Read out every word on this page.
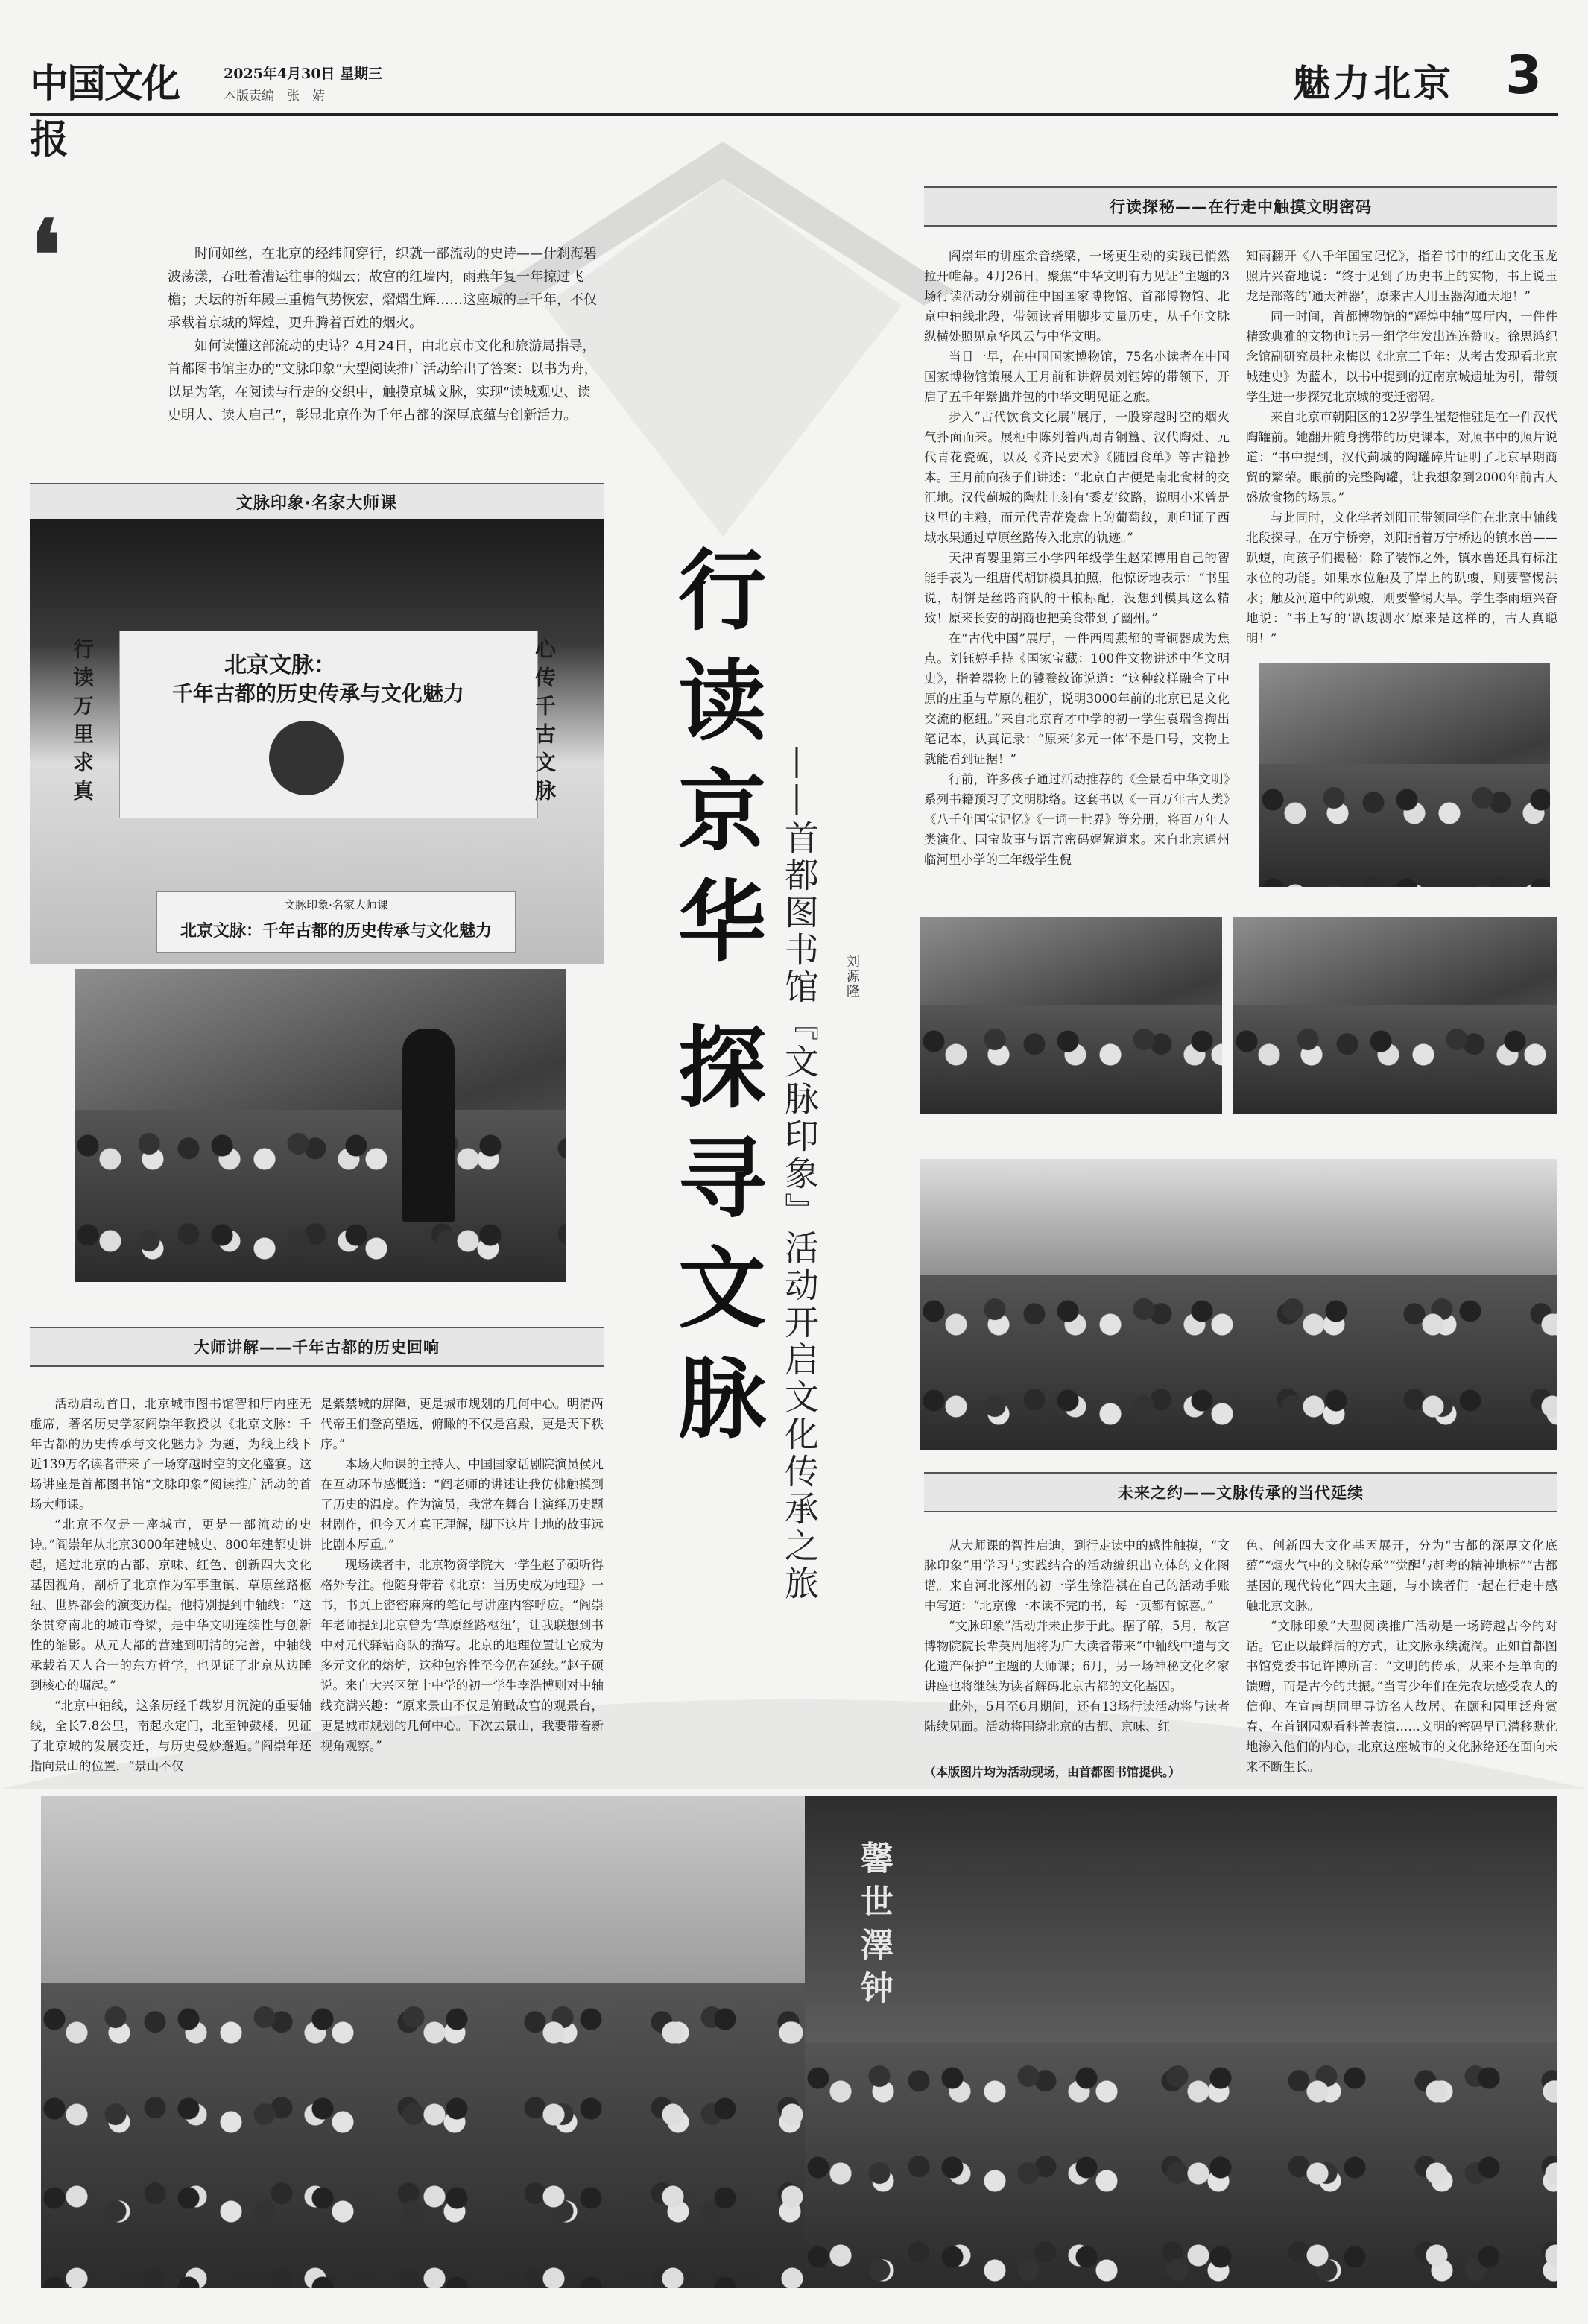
中国文化报
2025年4月30日 星期三
本版责编　张　婧	魅力北京 3
❛	时间如丝，在北京的经纬间穿行，织就一部流动的史诗——什刹海碧波荡漾，吞吐着漕运往事的烟云；故宫的红墙内，雨燕年复一年掠过飞檐；天坛的祈年殿三重檐气势恢宏，熠熠生辉……这座城的三千年，不仅承载着京城的辉煌，更升腾着百姓的烟火。

如何读懂这部流动的史诗？4月24日，由北京市文化和旅游局指导，首都图书馆主办的“文脉印象”大型阅读推广活动给出了答案：以书为舟，以足为笔，在阅读与行走的交织中，触摸京城文脉，实现“读城观史、读史明人、读人启己”，彰显北京作为千年古都的深厚底蕴与创新活力。

文脉印象·名家大师课
北京文脉：
千年古都的历史传承与文化魅力
行读万里求真	心传千古文脉
文脉印象·名家大师课
北京文脉：千年古都的历史传承与文化魅力
大师讲解——千年古都的历史回响

活动启动首日，北京城市图书馆智和厅内座无虚席，著名历史学家阎崇年教授以《北京文脉：千年古都的历史传承与文化魅力》为题，为线上线下近139万名读者带来了一场穿越时空的文化盛宴。这场讲座是首都图书馆“文脉印象”阅读推广活动的首场大师课。

“北京不仅是一座城市，更是一部流动的史诗。”阎崇年从北京3000年建城史、800年建都史讲起，通过北京的古都、京味、红色、创新四大文化基因视角，剖析了北京作为军事重镇、草原丝路枢纽、世界都会的演变历程。他特别提到中轴线：“这条贯穿南北的城市脊梁，是中华文明连续性与创新性的缩影。从元大都的营建到明清的完善，中轴线承载着天人合一的东方哲学，也见证了北京从边陲到核心的崛起。”

“北京中轴线，这条历经千载岁月沉淀的重要轴线，全长7.8公里，南起永定门，北至钟鼓楼，见证了北京城的发展变迁，与历史曼妙邂逅。”阎崇年还指向景山的位置，“景山不仅

是紫禁城的屏障，更是城市规划的几何中心。明清两代帝王们登高望远，俯瞰的不仅是宫殿，更是天下秩序。”

本场大师课的主持人、中国国家话剧院演员侯凡在互动环节感慨道：“阎老师的讲述让我仿佛触摸到了历史的温度。作为演员，我常在舞台上演绎历史题材剧作，但今天才真正理解，脚下这片土地的故事远比剧本厚重。”

现场读者中，北京物资学院大一学生赵子硕听得格外专注。他随身带着《北京：当历史成为地理》一书，书页上密密麻麻的笔记与讲座内容呼应。“阎崇年老师提到北京曾为‘草原丝路枢纽’，让我联想到书中对元代驿站商队的描写。北京的地理位置让它成为多元文化的熔炉，这种包容性至今仍在延续。”赵子硕说。来自大兴区第十中学的初一学生李浩博则对中轴线充满兴趣：“原来景山不仅是俯瞰故宫的观景台，更是城市规划的几何中心。下次去景山，我要带着新视角观察。”

行读京华
探寻文脉 ——首都图书馆『文脉印象』活动开启文化传承之旅	刘源隆
行读探秘——在行走中触摸文明密码

阎崇年的讲座余音绕梁，一场更生动的实践已悄然拉开帷幕。4月26日，聚焦“中华文明有力见证”主题的3场行读活动分别前往中国国家博物馆、首都博物馆、北京中轴线北段，带领读者用脚步丈量历史，从千年文脉纵横处照见京华风云与中华文明。

当日一早，在中国国家博物馆，75名小读者在中国国家博物馆策展人王月前和讲解员刘钰婷的带领下，开启了五千年紫拙并包的中华文明见证之旅。

步入“古代饮食文化展”展厅，一股穿越时空的烟火气扑面而来。展柜中陈列着西周青铜簋、汉代陶灶、元代青花瓷碗，以及《齐民要术》《随园食单》等古籍抄本。王月前向孩子们讲述：“北京自古便是南北食材的交汇地。汉代蓟城的陶灶上刻有‘黍麦’纹路，说明小米曾是这里的主粮，而元代青花瓷盘上的葡萄纹，则印证了西域水果通过草原丝路传入北京的轨迹。”

天津育婴里第三小学四年级学生赵荣博用自己的智能手表为一组唐代胡饼模具拍照，他惊讶地表示：“书里说，胡饼是丝路商队的干粮标配，没想到模具这么精致！原来长安的胡商也把美食带到了幽州。”

在“古代中国”展厅，一件西周燕都的青铜器成为焦点。刘钰婷手持《国家宝藏：100件文物讲述中华文明史》，指着器物上的饕餮纹饰说道：“这种纹样融合了中原的庄重与草原的粗犷，说明3000年前的北京已是文化交流的枢纽。”来自北京育才中学的初一学生袁瑞含掏出笔记本，认真记录：“原来‘多元一体’不是口号，文物上就能看到证据！”

行前，许多孩子通过活动推荐的《全景看中华文明》系列书籍预习了文明脉络。这套书以《一百万年古人类》《八千年国宝记忆》《一词一世界》等分册，将百万年人类演化、国宝故事与语言密码娓娓道来。来自北京通州临河里小学的三年级学生倪

知雨翻开《八千年国宝记忆》，指着书中的红山文化玉龙照片兴奋地说：“终于见到了历史书上的实物，书上说玉龙是部落的‘通天神器’，原来古人用玉器沟通天地！”

同一时间，首都博物馆的“辉煌中轴”展厅内，一件件精致典雅的文物也让另一组学生发出连连赞叹。徐思鸿纪念馆副研究员杜永梅以《北京三千年：从考古发现看北京城建史》为蓝本，以书中提到的辽南京城遗址为引，带领学生进一步探究北京城的变迁密码。

来自北京市朝阳区的12岁学生崔楚惟驻足在一件汉代陶罐前。她翻开随身携带的历史课本，对照书中的照片说道：“书中提到，汉代蓟城的陶罐碎片证明了北京早期商贸的繁荣。眼前的完整陶罐，让我想象到2000年前古人盛放食物的场景。”

与此同时，文化学者刘阳正带领同学们在北京中轴线北段探寻。在万宁桥旁，刘阳指着万宁桥边的镇水兽——趴蝮，向孩子们揭秘：除了装饰之外，镇水兽还具有标注水位的功能。如果水位触及了岸上的趴蝮，则要警惕洪水；触及河道中的趴蝮，则要警惕大旱。学生李雨瑄兴奋地说：“书上写的‘趴蝮测水’原来是这样的，古人真聪明！”

未来之约——文脉传承的当代延续

从大师课的智性启迪，到行走读中的感性触摸，“文脉印象”用学习与实践结合的活动编织出立体的文化图谱。来自河北涿州的初一学生徐浩祺在自己的活动手账中写道：“北京像一本读不完的书，每一页都有惊喜。”

“文脉印象”活动并未止步于此。据了解，5月，故宫博物院院长辈英周旭将为广大读者带来“中轴线中遗与文化遗产保护”主题的大师课；6月，另一场神秘文化名家讲座也将继续为读者解码北京古都的文化基因。

此外，5月至6月期间，还有13场行读活动将与读者陆续见面。活动将围绕北京的古都、京味、红

色、创新四大文化基因展开，分为“古都的深厚文化底蕴”“烟火气中的文脉传承”“觉醒与赶考的精神地标”“古都基因的现代转化”四大主题，与小读者们一起在行走中感触北京文脉。

“文脉印象”大型阅读推广活动是一场跨越古今的对话。它正以最鲜活的方式，让文脉永续流淌。正如首都图书馆党委书记许博所言：“文明的传承，从来不是单向的馈赠，而是古今的共振。”当青少年们在先农坛感受农人的信仰、在宣南胡同里寻访名人故居、在颐和园里泛舟赏春、在首钢园观看科普表演……文明的密码早已潜移默化地渗入他们的内心，北京这座城市的文化脉络还在面向未来不断生长。

（本版图片均为活动现场，由首都图书馆提供。）
馨世澤钟
